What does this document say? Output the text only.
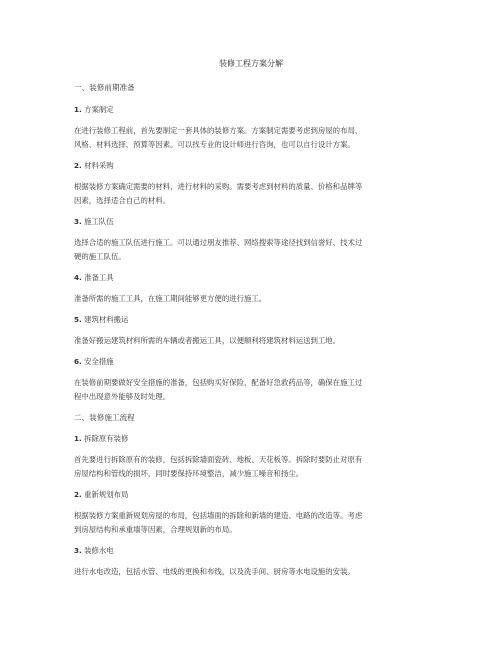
装修工程方案分解
一、装修前期准备
1. 方案制定
在进行装修工程前，首先要制定一套具体的装修方案。方案制定需要考虑到房屋的布局、
风格、材料选择、预算等因素。可以找专业的设计师进行咨询，也可以自行设计方案。
2. 材料采购
根据装修方案确定需要的材料，进行材料的采购。需要考虑到材料的质量、价格和品牌等
因素，选择适合自己的材料。
3. 施工队伍
选择合适的施工队伍进行施工。可以通过朋友推荐、网络搜索等途径找到信誉好、技术过
硬的施工队伍。
4. 准备工具
准备所需的施工工具，在施工期间能够更方便的进行施工。
5. 建筑材料搬运
准备好搬运建筑材料所需的车辆或者搬运工具，以便顺利将建筑材料运送到工地。
6. 安全措施
在装修前期要做好安全措施的准备，包括购买好保险、配备好急救药品等，确保在施工过
程中出现意外能够及时处理。
二、装修施工流程
1. 拆除原有装修
首先要进行拆除原有的装修，包括拆除墙面瓷砖、地板、天花板等。拆除时要防止对原有
房屋结构和管线的损坏，同时要保持环境整洁，减少施工噪音和扬尘。
2. 重新规划布局
根据装修方案重新规划房屋的布局，包括墙面的拆除和新墙的建造、电路的改造等。考虑
到房屋结构和承重墙等因素，合理规划新的布局。
3. 装修水电
进行水电改造，包括水管、电线的更换和布线，以及洗手间、厨房等水电设施的安装。
